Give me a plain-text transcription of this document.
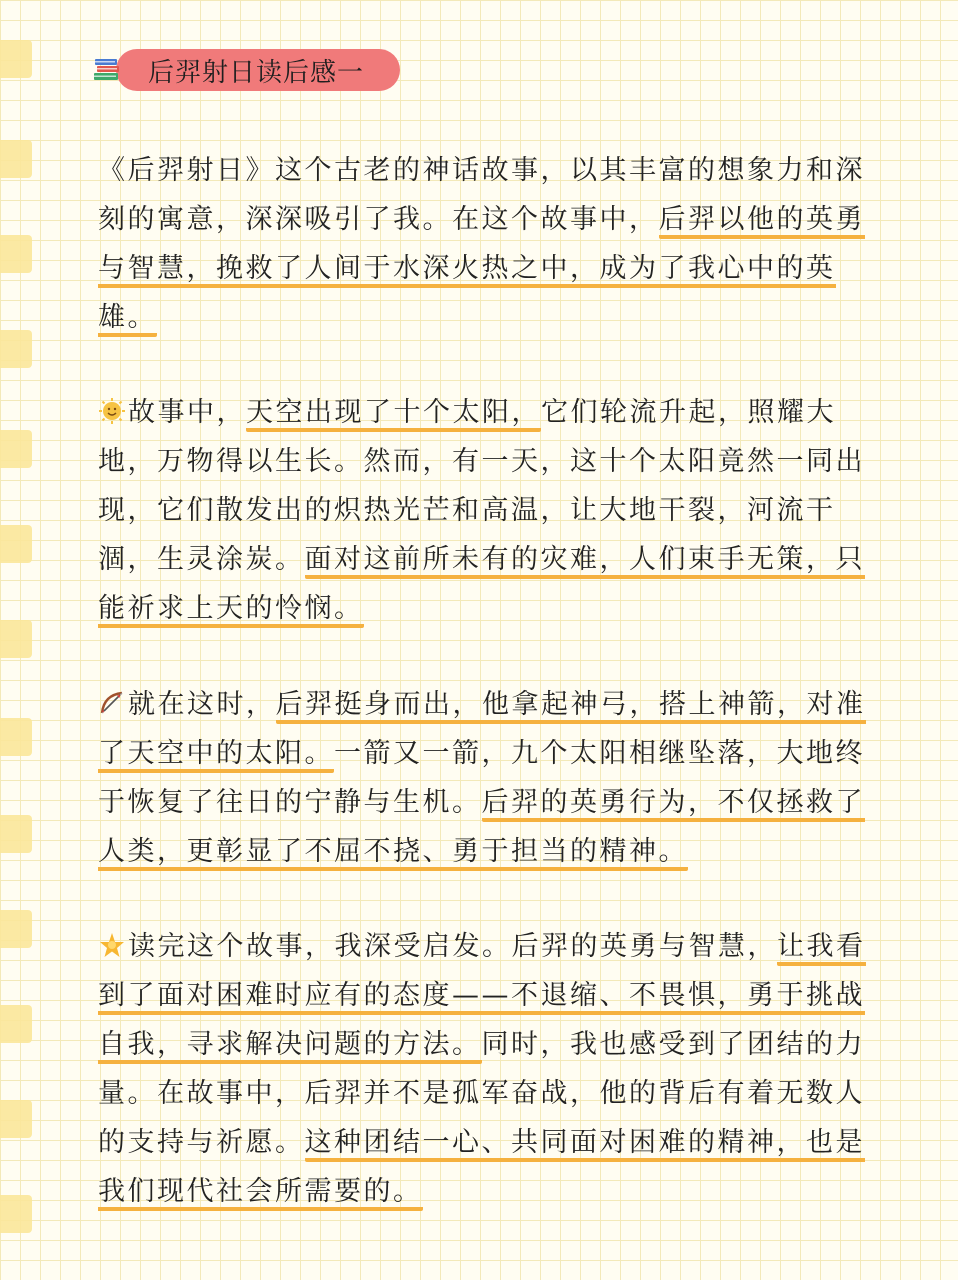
后羿射日读后感一

《后羿射日》这个古老的神话故事，以其丰富的想象力和深刻的寓意，深深吸引了我。在这个故事中，后羿以他的英勇与智慧，挽救了人间于水深火热之中，成为了我心中的英雄。

故事中，天空出现了十个太阳，它们轮流升起，照耀大地，万物得以生长。然而，有一天，这十个太阳竟然一同出现，它们散发出的炽热光芒和高温，让大地干裂，河流干涸，生灵涂炭。面对这前所未有的灾难，人们束手无策，只能祈求上天的怜悯。

就在这时，后羿挺身而出，他拿起神弓，搭上神箭，对准了天空中的太阳。一箭又一箭，九个太阳相继坠落，大地终于恢复了往日的宁静与生机。后羿的英勇行为，不仅拯救了人类，更彰显了不屈不挠、勇于担当的精神。

读完这个故事，我深受启发。后羿的英勇与智慧，让我看到了面对困难时应有的态度——不退缩、不畏惧，勇于挑战自我，寻求解决问题的方法。同时，我也感受到了团结的力量。在故事中，后羿并不是孤军奋战，他的背后有着无数人的支持与祈愿。这种团结一心、共同面对困难的精神，也是我们现代社会所需要的。
